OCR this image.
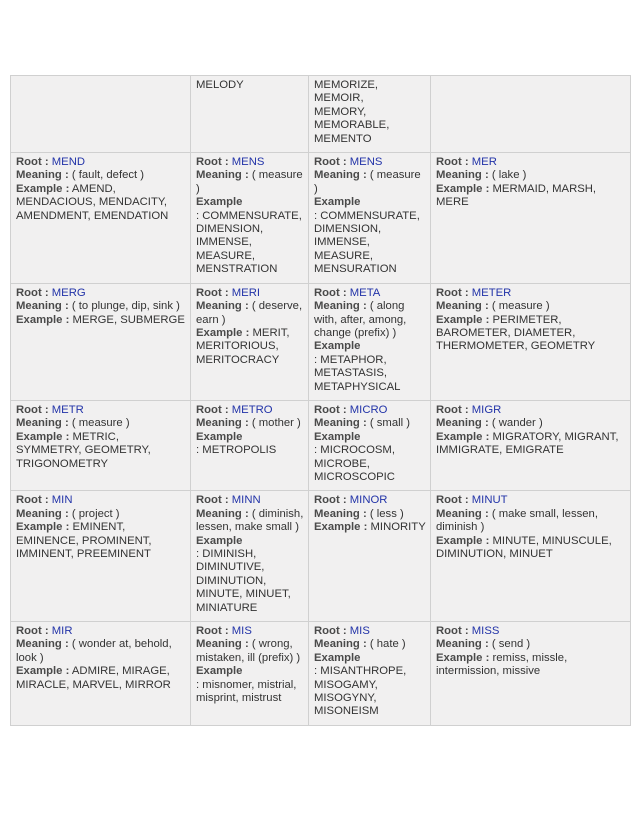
	MELODY	MEMORIZE, MEMOIR,
MEMORY,
MEMORABLE,
MEMENTO	

Root : MEND
Meaning : ( fault, defect )
Example : AMEND, MENDACIOUS, MENDACITY, AMENDMENT, EMENDATION	Root : MENS
Meaning : ( measure )
Example
: COMMENSURATE, DIMENSION, IMMENSE, MEASURE, MENSTRATION	Root : MENS
Meaning : ( measure )
Example
: COMMENSURATE, DIMENSION, IMMENSE, MEASURE, MENSURATION	Root : MER
Meaning : ( lake )
Example : MERMAID, MARSH, MERE

Root : MERG
Meaning : ( to plunge, dip, sink )
Example : MERGE, SUBMERGE	Root : MERI
Meaning : ( deserve, earn )
Example : MERIT, MERITORIOUS, MERITOCRACY	Root : META
Meaning : ( along with, after, among, change (prefix) )
Example
: METAPHOR, METASTASIS, METAPHYSICAL	Root : METER
Meaning : ( measure )
Example : PERIMETER, BAROMETER, DIAMETER, THERMOMETER, GEOMETRY

Root : METR
Meaning : ( measure )
Example : METRIC, SYMMETRY, GEOMETRY, TRIGONOMETRY	Root : METRO
Meaning : ( mother )
Example
: METROPOLIS	Root : MICRO
Meaning : ( small )
Example
: MICROCOSM, MICROBE, MICROSCOPIC	Root : MIGR
Meaning : ( wander )
Example : MIGRATORY, MIGRANT, IMMIGRATE, EMIGRATE

Root : MIN
Meaning : ( project )
Example : EMINENT, EMINENCE, PROMINENT, IMMINENT, PREEMINENT	Root : MINN
Meaning : ( diminish, lessen, make small )
Example
: DIMINISH, DIMINUTIVE, DIMINUTION, MINUTE, MINUET, MINIATURE	Root : MINOR
Meaning : ( less )
Example : MINORITY	Root : MINUT
Meaning : ( make small, lessen, diminish )
Example : MINUTE, MINUSCULE, DIMINUTION, MINUET

Root : MIR
Meaning : ( wonder at, behold, look )
Example : ADMIRE, MIRAGE, MIRACLE, MARVEL, MIRROR	Root : MIS
Meaning : ( wrong, mistaken, ill (prefix) )
Example
: misnomer, mistrial, misprint, mistrust	Root : MIS
Meaning : ( hate )
Example
: MISANTHROPE, MISOGAMY, MISOGYNY, MISONEISM	Root : MISS
Meaning : ( send )
Example : remiss, missle, intermission, missive
